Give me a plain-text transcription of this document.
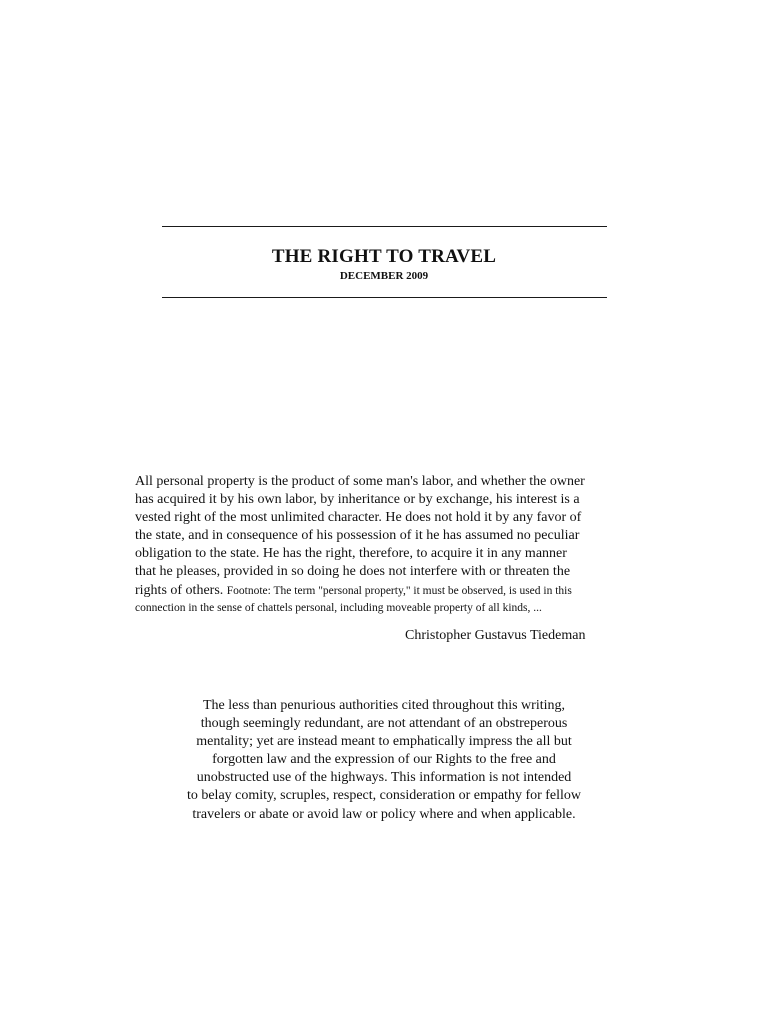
THE RIGHT TO TRAVEL
DECEMBER 2009
All personal property is the product of some man's labor, and whether the owner
has acquired it by his own labor, by inheritance or by exchange, his interest is a
vested right of the most unlimited character. He does not hold it by any favor of
the state, and in consequence of his possession of it he has assumed no peculiar
obligation to the state. He has the right, therefore, to acquire it in any manner
that he pleases, provided in so doing he does not interfere with or threaten the
rights of others. Footnote: The term "personal property," it must be observed, is used in this
connection in the sense of chattels personal, including moveable property of all kinds, ...
Christopher Gustavus Tiedeman
The less than penurious authorities cited throughout this writing,
though seemingly redundant, are not attendant of an obstreperous
mentality; yet are instead meant to emphatically impress the all but
forgotten law and the expression of our Rights to the free and
unobstructed use of the highways. This information is not intended
to belay comity, scruples, respect, consideration or empathy for fellow
travelers or abate or avoid law or policy where and when applicable.
